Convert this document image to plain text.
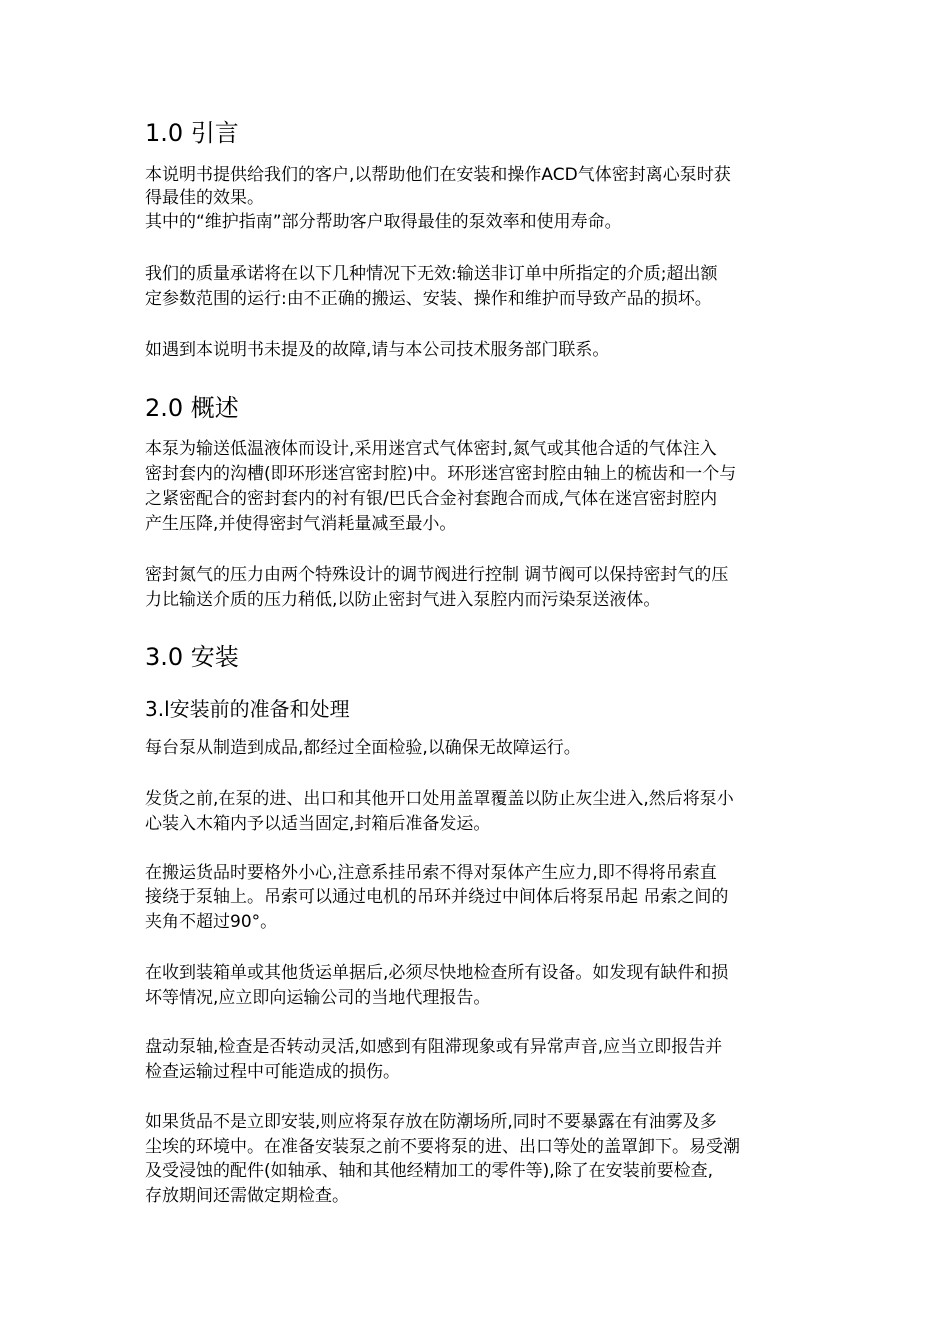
1.0 引言

本说明书提供给我们的客户,以帮助他们在安装和操作ACD气体密封离心泵时获

得最佳的效果。

其中的“维护指南”部分帮助客户取得最佳的泵效率和使用寿命。

我们的质量承诺将在以下几种情况下无效:输送非订单中所指定的介质;超出额

定参数范围的运行:由不正确的搬运、安装、操作和维护而导致产品的损坏。

如遇到本说明书未提及的故障,请与本公司技术服务部门联系。

2.0 概述

本泵为输送低温液体而设计,采用迷宫式气体密封,氮气或其他合适的气体注入

密封套内的沟槽(即环形迷宫密封腔)中。环形迷宫密封腔由轴上的梳齿和一个与

之紧密配合的密封套内的衬有银/巴氏合金衬套跑合而成,气体在迷宫密封腔内

产生压降,并使得密封气消耗量减至最小。

密封氮气的压力由两个特殊设计的调节阀进行控制 调节阀可以保持密封气的压

力比输送介质的压力稍低,以防止密封气进入泵腔内而污染泵送液体。

3.0 安装
3.l安装前的准备和处理

每台泵从制造到成品,都经过全面检验,以确保无故障运行。

发货之前,在泵的进、出口和其他开口处用盖罩覆盖以防止灰尘进入,然后将泵小

心装入木箱内予以适当固定,封箱后准备发运。

在搬运货品时要格外小心,注意系挂吊索不得对泵体产生应力,即不得将吊索直

接绕于泵轴上。吊索可以通过电机的吊环并绕过中间体后将泵吊起 吊索之间的

夹角不超过90°。

在收到装箱单或其他货运单据后,必须尽快地检查所有设备。如发现有缺件和损

坏等情况,应立即向运输公司的当地代理报告。

盘动泵轴,检查是否转动灵活,如感到有阻滞现象或有异常声音,应当立即报告并

检查运输过程中可能造成的损伤。

如果货品不是立即安装,则应将泵存放在防潮场所,同时不要暴露在有油雾及多

尘埃的环境中。在准备安装泵之前不要将泵的进、出口等处的盖罩卸下。易受潮

及受浸蚀的配件(如轴承、轴和其他经精加工的零件等),除了在安装前要检查,

存放期间还需做定期检查。
